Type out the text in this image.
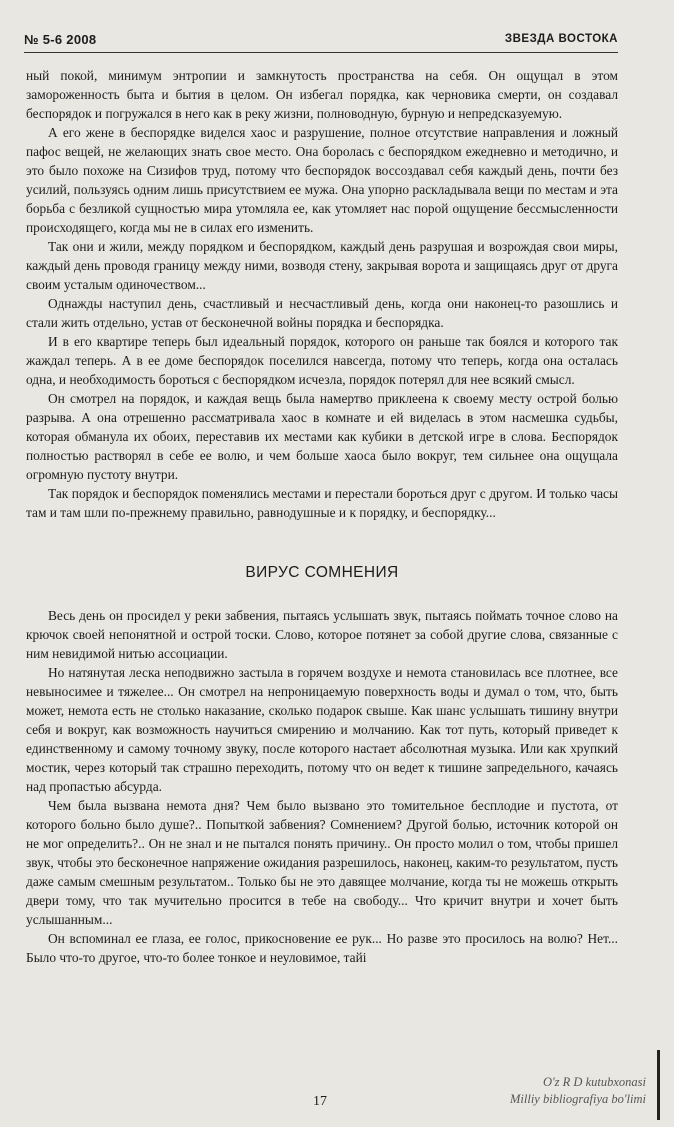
№ 5-6 2008	ЗВЕЗДА ВОСТОКА

ный покой, минимум энтропии и замкнутость пространства на себя. Он ощущал в этом замороженность быта и бытия в целом. Он избегал порядка, как черновика смерти, он создавал беспорядок и погружался в него как в реку жизни, полноводную, бурную и непредсказуемую.

А его жене в беспорядке виделся хаос и разрушение, полное отсутствие направления и ложный пафос вещей, не желающих знать свое место. Она боролась с беспорядком ежедневно и методично, и это было похоже на Сизифов труд, потому что беспорядок воссоздавал себя каждый день, почти без усилий, пользуясь одним лишь присутствием ее мужа. Она упорно раскладывала вещи по местам и эта борьба с безликой сущностью мира утомляла ее, как утомляет нас порой ощущение бессмысленности происходящего, когда мы не в силах его изменить.

Так они и жили, между порядком и беспорядком, каждый день разрушая и возрождая свои миры, каждый день проводя границу между ними, возводя стену, закрывая ворота и защищаясь друг от друга своим усталым одиночеством...

Однажды наступил день, счастливый и несчастливый день, когда они наконец-то разошлись и стали жить отдельно, устав от бесконечной войны порядка и беспорядка.

И в его квартире теперь был идеальный порядок, которого он раньше так боялся и которого так жаждал теперь. А в ее доме беспорядок поселился навсегда, потому что теперь, когда она осталась одна, и необходимость бороться с беспорядком исчезла, порядок потерял для нее всякий смысл.

Он смотрел на порядок, и каждая вещь была намертво приклеена к своему месту острой болью разрыва. А она отрешенно рассматривала хаос в комнате и ей виделась в этом насмешка судьбы, которая обманула их обоих, переставив их местами как кубики в детской игре в слова. Беспорядок полностью растворял в себе ее волю, и чем больше хаоса было вокруг, тем сильнее она ощущала огромную пустоту внутри.

Так порядок и беспорядок поменялись местами и перестали бороться друг с другом. И только часы там и там шли по-прежнему правильно, равнодушные и к порядку, и беспорядку...

ВИРУС СОМНЕНИЯ

Весь день он просидел у реки забвения, пытаясь услышать звук, пытаясь поймать точное слово на крючок своей непонятной и острой тоски. Слово, которое потянет за собой другие слова, связанные с ним невидимой нитью ассоциации.

Но натянутая леска неподвижно застыла в горячем воздухе и немота становилась все плотнее, все невыносимее и тяжелее... Он смотрел на непроницаемую поверхность воды и думал о том, что, быть может, немота есть не столько наказание, сколько подарок свыше. Как шанс услышать тишину внутри себя и вокруг, как возможность научиться смирению и молчанию. Как тот путь, который приведет к единственному и самому точному звуку, после которого настает абсолютная музыка. Или как хрупкий мостик, через который так страшно переходить, потому что он ведет к тишине запредельного, качаясь над пропастью абсурда.

Чем была вызвана немота дня? Чем было вызвано это томительное бесплодие и пустота, от которого больно было душе?.. Попыткой забвения? Сомнением? Другой болью, источник которой он не мог определить?.. Он не знал и не пытался понять причину.. Он просто молил о том, чтобы пришел звук, чтобы это бесконечное напряжение ожидания разрешилось, наконец, каким-то результатом, пусть даже самым смешным результатом.. Только бы не это давящее молчание, когда ты не можешь открыть двери тому, что так мучительно просится в тебе на свободу... Что кричит внутри и хочет быть услышанным...

Он вспоминал ее глаза, ее голос, прикосновение ее рук... Но разве это просилось на волю? Нет... Было что-то другое, что-то более тонкое и неуловимое, тайі

17
O'z R D kutubxonasi
Milliy bibliografiya bo'limi
